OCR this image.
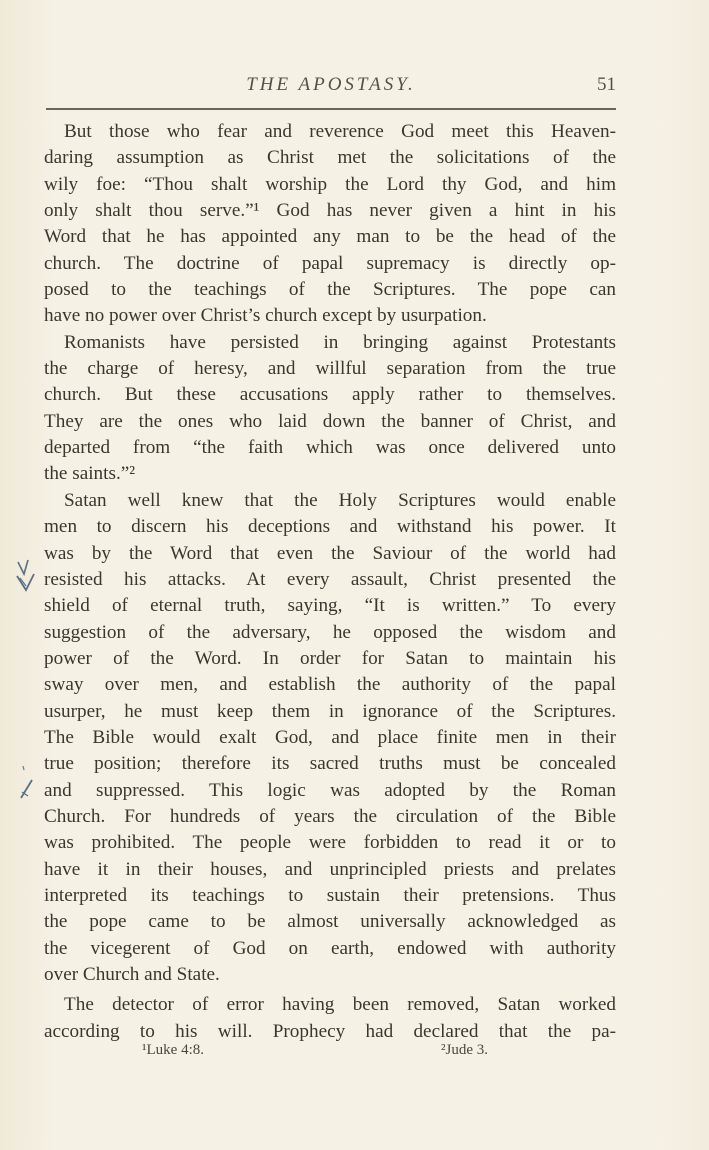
THE APOSTASY.	51
But those who fear and reverence God meet this Heaven-
daring assumption as Christ met the solicitations of the
wily foe: “Thou shalt worship the Lord thy God, and him
only shalt thou serve.”¹ God has never given a hint in his
Word that he has appointed any man to be the head of the
church. The doctrine of papal supremacy is directly op-
posed to the teachings of the Scriptures. The pope can
have no power over Christ’s church except by usurpation.
Romanists have persisted in bringing against Protestants
the charge of heresy, and willful separation from the true
church. But these accusations apply rather to themselves.
They are the ones who laid down the banner of Christ, and
departed from “the faith which was once delivered unto
the saints.”²
Satan well knew that the Holy Scriptures would enable
men to discern his deceptions and withstand his power. It
was by the Word that even the Saviour of the world had
resisted his attacks. At every assault, Christ presented the
shield of eternal truth, saying, “It is written.” To every
suggestion of the adversary, he opposed the wisdom and
power of the Word. In order for Satan to maintain his
sway over men, and establish the authority of the papal
usurper, he must keep them in ignorance of the Scriptures.
The Bible would exalt God, and place finite men in their
true position; therefore its sacred truths must be concealed
and suppressed. This logic was adopted by the Roman
Church. For hundreds of years the circulation of the Bible
was prohibited. The people were forbidden to read it or to
have it in their houses, and unprincipled priests and prelates
interpreted its teachings to sustain their pretensions. Thus
the pope came to be almost universally acknowledged as
the vicegerent of God on earth, endowed with authority
over Church and State.
The detector of error having been removed, Satan worked
according to his will. Prophecy had declared that the pa-
¹Luke 4:8.	²Jude 3.
